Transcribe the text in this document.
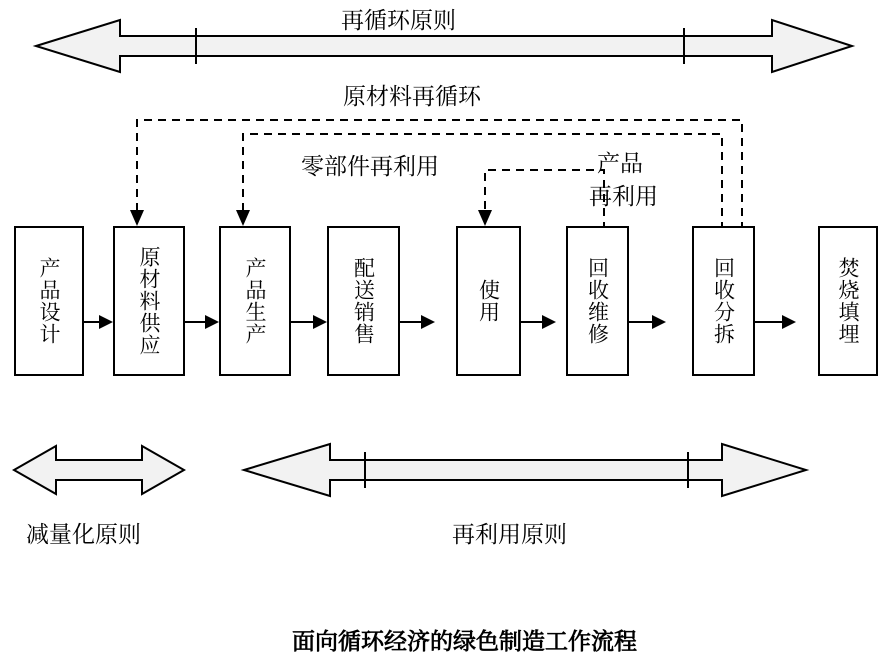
产品设计	原材料供应	产品生产	配送销售	使用	回收维修	回收分拆	焚烧填埋
再循环原则
原材料再循环
零部件再利用	产品
再利用
减量化原则	再利用原则
面向循环经济的绿色制造工作流程
